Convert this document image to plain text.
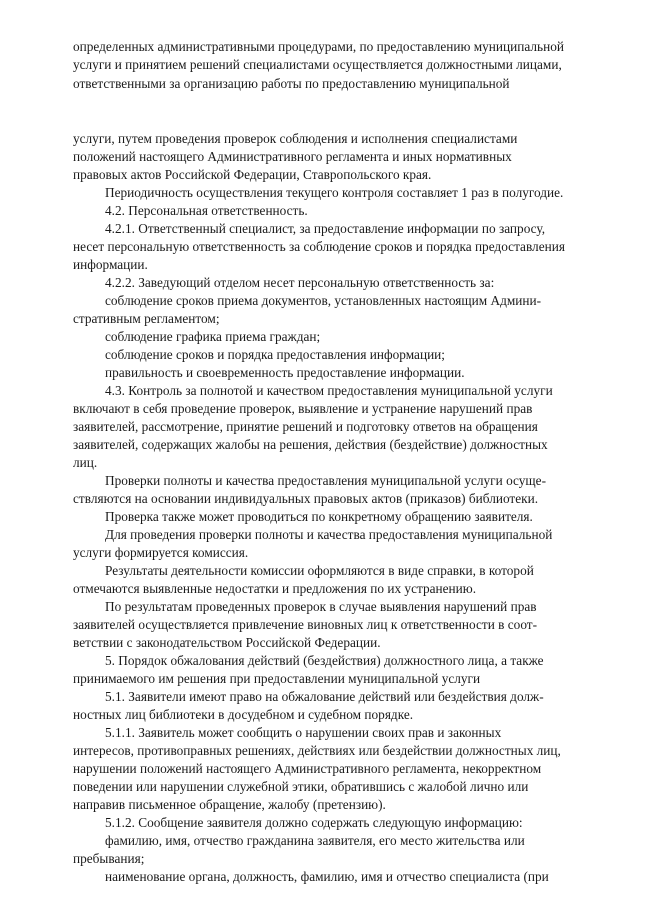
определенных административными процедурами, по предоставлению муниципальной
услуги и принятием решений специалистами осуществляется должностными лицами,
ответственными за организацию работы по предоставлению муниципальной
услуги, путем проведения проверок соблюдения и исполнения специалистами
положений настоящего Административного регламента и иных нормативных
правовых актов Российской Федерации, Ставропольского края.
Периодичность осуществления текущего контроля составляет 1 раз в полугодие.
4.2. Персональная ответственность.
4.2.1. Ответственный специалист, за предоставление информации по запросу,
несет персональную ответственность за соблюдение сроков и порядка предоставления
информации.
4.2.2. Заведующий отделом несет персональную ответственность за:
соблюдение сроков приема документов, установленных настоящим Админи-
стративным регламентом;
соблюдение графика приема граждан;
соблюдение сроков и порядка предоставления информации;
правильность и своевременность предоставление информации.
4.3. Контроль за полнотой и качеством предоставления муниципальной услуги
включают в себя проведение проверок, выявление и устранение нарушений прав
заявителей, рассмотрение, принятие решений и подготовку ответов на обращения
заявителей, содержащих жалобы на решения, действия (бездействие) должностных
лиц.
Проверки полноты и качества предоставления муниципальной услуги осуще-
ствляются на основании индивидуальных правовых актов (приказов) библиотеки.
Проверка также может проводиться по конкретному обращению заявителя.
Для проведения проверки полноты и качества предоставления муниципальной
услуги формируется комиссия.
Результаты деятельности комиссии оформляются в виде справки, в которой
отмечаются выявленные недостатки и предложения по их устранению.
По результатам проведенных проверок в случае выявления нарушений прав
заявителей осуществляется привлечение виновных лиц к ответственности в соот-
ветствии с законодательством Российской Федерации.
5. Порядок обжалования действий (бездействия) должностного лица, а также
принимаемого им решения при предоставлении муниципальной услуги
5.1. Заявители имеют право на обжалование действий или бездействия долж-
ностных лиц библиотеки в досудебном и судебном порядке.
5.1.1. Заявитель может сообщить о нарушении своих прав и законных
интересов, противоправных решениях, действиях или бездействии должностных лиц,
нарушении положений настоящего Административного регламента, некорректном
поведении или нарушении служебной этики, обратившись с жалобой лично или
направив письменное обращение, жалобу (претензию).
5.1.2. Сообщение заявителя должно содержать следующую информацию:
фамилию, имя, отчество гражданина заявителя, его место жительства или
пребывания;
наименование органа, должность, фамилию, имя и отчество специалиста (при
